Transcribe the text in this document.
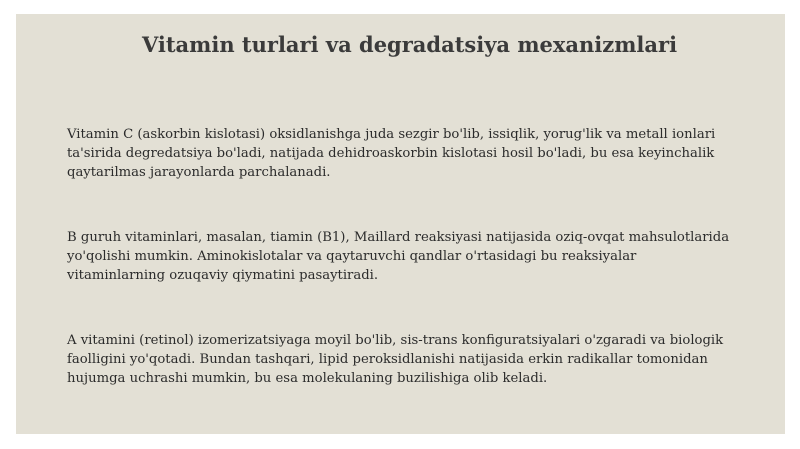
Vitamin turlari va degradatsiya mexanizmlari

Vitamin C (askorbin kislotasi) oksidlanishga juda sezgir bo'lib, issiqlik, yorug'lik va metall ionlari ta'sirida degredatsiya bo'ladi, natijada dehidroaskorbin kislotasi hosil bo'ladi, bu esa keyinchalik qaytarilmas jarayonlarda parchalanadi.

B guruh vitaminlari, masalan, tiamin (B1), Maillard reaksiyasi natijasida oziq-ovqat mahsulotlarida yo'qolishi mumkin. Aminokislotalar va qaytaruvchi qandlar o'rtasidagi bu reaksiyalar vitaminlarning ozuqaviy qiymatini pasaytiradi.

A vitamini (retinol) izomerizatsiyaga moyil bo'lib, sis-trans konfiguratsiyalari o'zgaradi va biologik faolligini yo'qotadi. Bundan tashqari, lipid peroksidlanishi natijasida erkin radikallar tomonidan hujumga uchrashi mumkin, bu esa molekulaning buzilishiga olib keladi.
